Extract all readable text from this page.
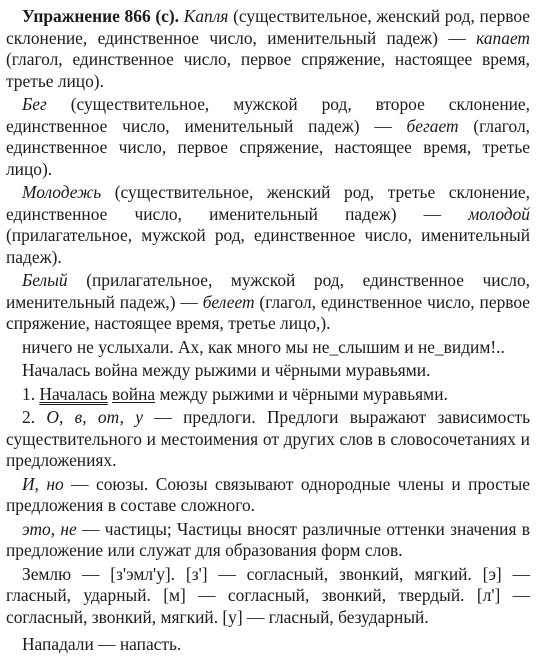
Упражнение 866 (с). Капля (существительное, женский род, первое склонение, единственное число, именительный падеж) — капает (глагол, единственное число, первое спряжение, настоящее время, третье лицо).

Бег (существительное, мужской род, второе склонение, единственное число, именительный падеж) — бегает (глагол, единственное число, первое спряжение, настоящее время, третье лицо).

Молодежь (существительное, женский род, третье склонение, единственное число, именительный падеж) — молодой (прилагательное, мужской род, единственное число, именительный падеж).

Белый (прилагательное, мужской род, единственное число, именительный падеж,) — белеет (глагол, единственное число, первое спряжение, настоящее время, третье лицо,).

ничего не услыхали. Ах, как много мы не_слышим и не_видим!..

Началась война между рыжими и чёрными муравьями.

1. Началась война между рыжими и чёрными муравьями.

2. О, в, от, у — предлоги. Предлоги выражают зависимость существительного и местоимения от других слов в словосочетаниях и предложениях.

И, но — союзы. Союзы связывают однородные члены и простые предложения в составе сложного.

это, не — частицы; Частицы вносят различные оттенки значения в предложение или служат для образования форм слов.

Землю — [з'эмл'у]. [з'] — согласный, звонкий, мягкий. [э] — гласный, ударный. [м] — согласный, звонкий, твердый. [л'] — согласный, звонкий, мягкий. [у] — гласный, безударный.

Нападали — напасть.
